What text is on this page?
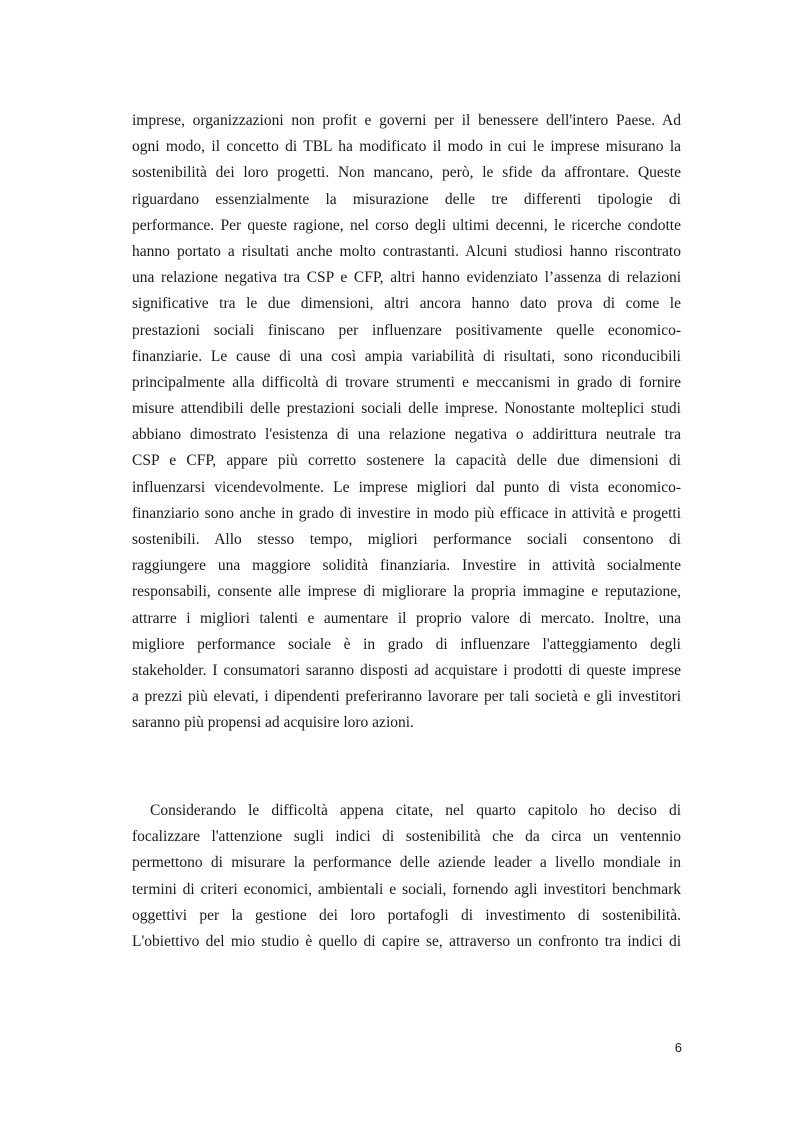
imprese, organizzazioni non profit e governi per il benessere dell'intero Paese. Ad
ogni modo, il concetto di TBL ha modificato il modo in cui le imprese misurano la
sostenibilità dei loro progetti. Non mancano, però, le sfide da affrontare. Queste
riguardano essenzialmente la misurazione delle tre differenti tipologie di
performance. Per queste ragione, nel corso degli ultimi decenni, le ricerche condotte
hanno portato a risultati anche molto contrastanti. Alcuni studiosi hanno riscontrato
una relazione negativa tra CSP e CFP, altri hanno evidenziato l’assenza di relazioni
significative tra le due dimensioni, altri ancora hanno dato prova di come le
prestazioni sociali finiscano per influenzare positivamente quelle economico-
finanziarie. Le cause di una così ampia variabilità di risultati, sono riconducibili
principalmente alla difficoltà di trovare strumenti e meccanismi in grado di fornire
misure attendibili delle prestazioni sociali delle imprese. Nonostante molteplici studi
abbiano dimostrato l'esistenza di una relazione negativa o addirittura neutrale tra
CSP e CFP, appare più corretto sostenere la capacità delle due dimensioni di
influenzarsi vicendevolmente. Le imprese migliori dal punto di vista economico-
finanziario sono anche in grado di investire in modo più efficace in attività e progetti
sostenibili. Allo stesso tempo, migliori performance sociali consentono di
raggiungere una maggiore solidità finanziaria. Investire in attività socialmente
responsabili, consente alle imprese di migliorare la propria immagine e reputazione,
attrarre i migliori talenti e aumentare il proprio valore di mercato. Inoltre, una
migliore performance sociale è in grado di influenzare l'atteggiamento degli
stakeholder. I consumatori saranno disposti ad acquistare i prodotti di queste imprese
a prezzi più elevati, i dipendenti preferiranno lavorare per tali società e gli investitori
saranno più propensi ad acquisire loro azioni.
Considerando le difficoltà appena citate, nel quarto capitolo ho deciso di
focalizzare l'attenzione sugli indici di sostenibilità che da circa un ventennio
permettono di misurare la performance delle aziende leader a livello mondiale in
termini di criteri economici, ambientali e sociali, fornendo agli investitori benchmark
oggettivi per la gestione dei loro portafogli di investimento di sostenibilità.
L'obiettivo del mio studio è quello di capire se, attraverso un confronto tra indici di
6
